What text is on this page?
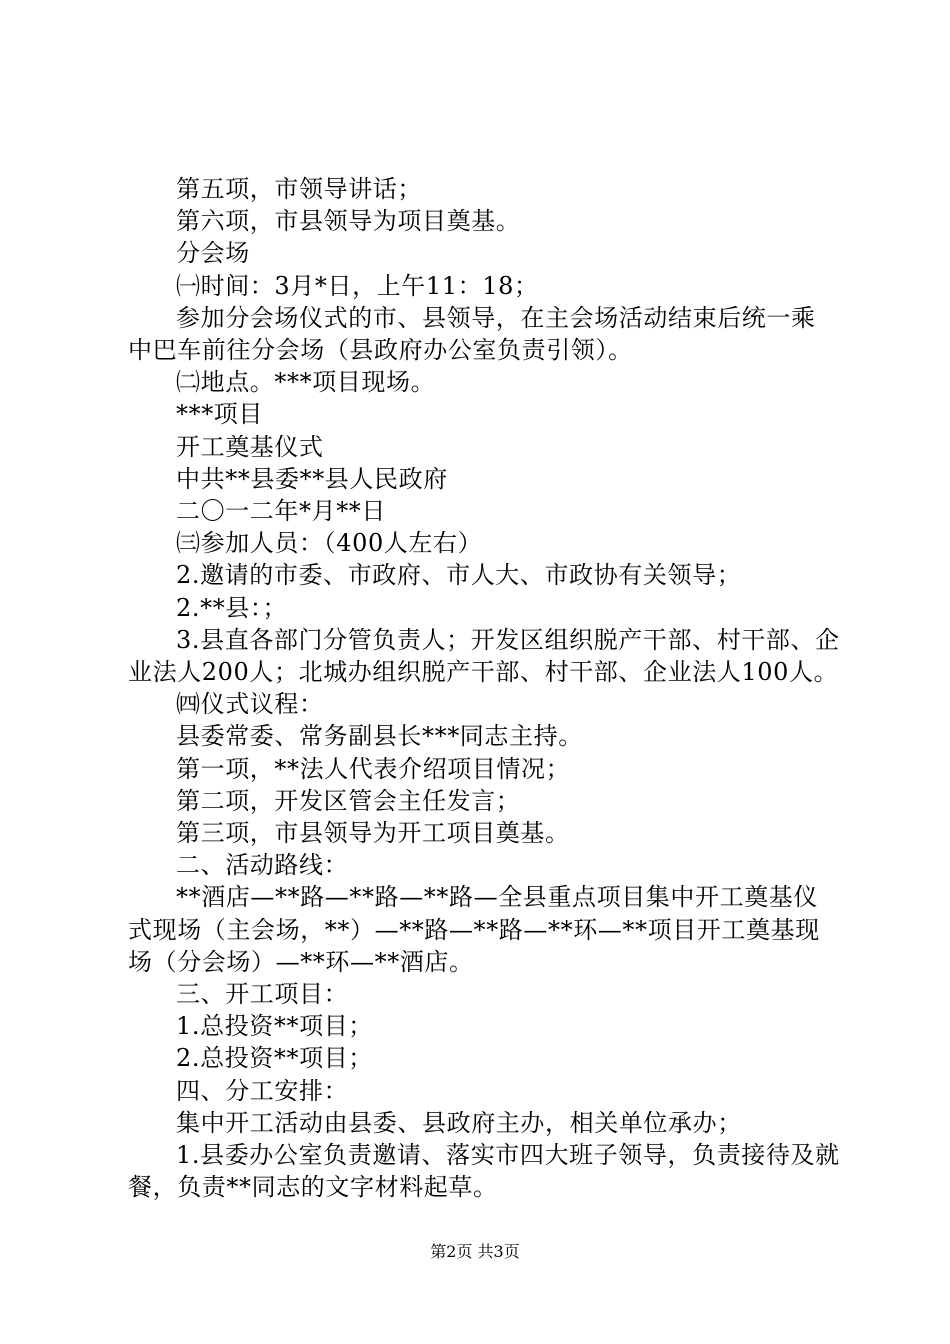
第五项，市领导讲话；

第六项，市县领导为项目奠基。

分会场

㈠时间：3月*日，上午11：18；

参加分会场仪式的市、县领导，在主会场活动结束后统一乘中巴车前往分会场（县政府办公室负责引领）。

㈡地点。***项目现场。

***项目

开工奠基仪式

中共**县委**县人民政府

二〇一二年*月**日

㈢参加人员：（400人左右）

2.邀请的市委、市政府、市人大、市政协有关领导；

2.**县：；

3.县直各部门分管负责人；开发区组织脱产干部、村干部、企业法人200人；北城办组织脱产干部、村干部、企业法人100人。

㈣仪式议程：

县委常委、常务副县长***同志主持。

第一项，**法人代表介绍项目情况；

第二项，开发区管会主任发言；

第三项，市县领导为开工项目奠基。

二、活动路线：

**酒店—**路—**路—**路—全县重点项目集中开工奠基仪式现场（主会场，**）—**路—**路—**环—**项目开工奠基现场（分会场）—**环—**酒店。

三、开工项目：

1.总投资**项目；

2.总投资**项目；

四、分工安排：

集中开工活动由县委、县政府主办，相关单位承办；

1.县委办公室负责邀请、落实市四大班子领导，负责接待及就餐，负责**同志的文字材料起草。

第2页 共3页
